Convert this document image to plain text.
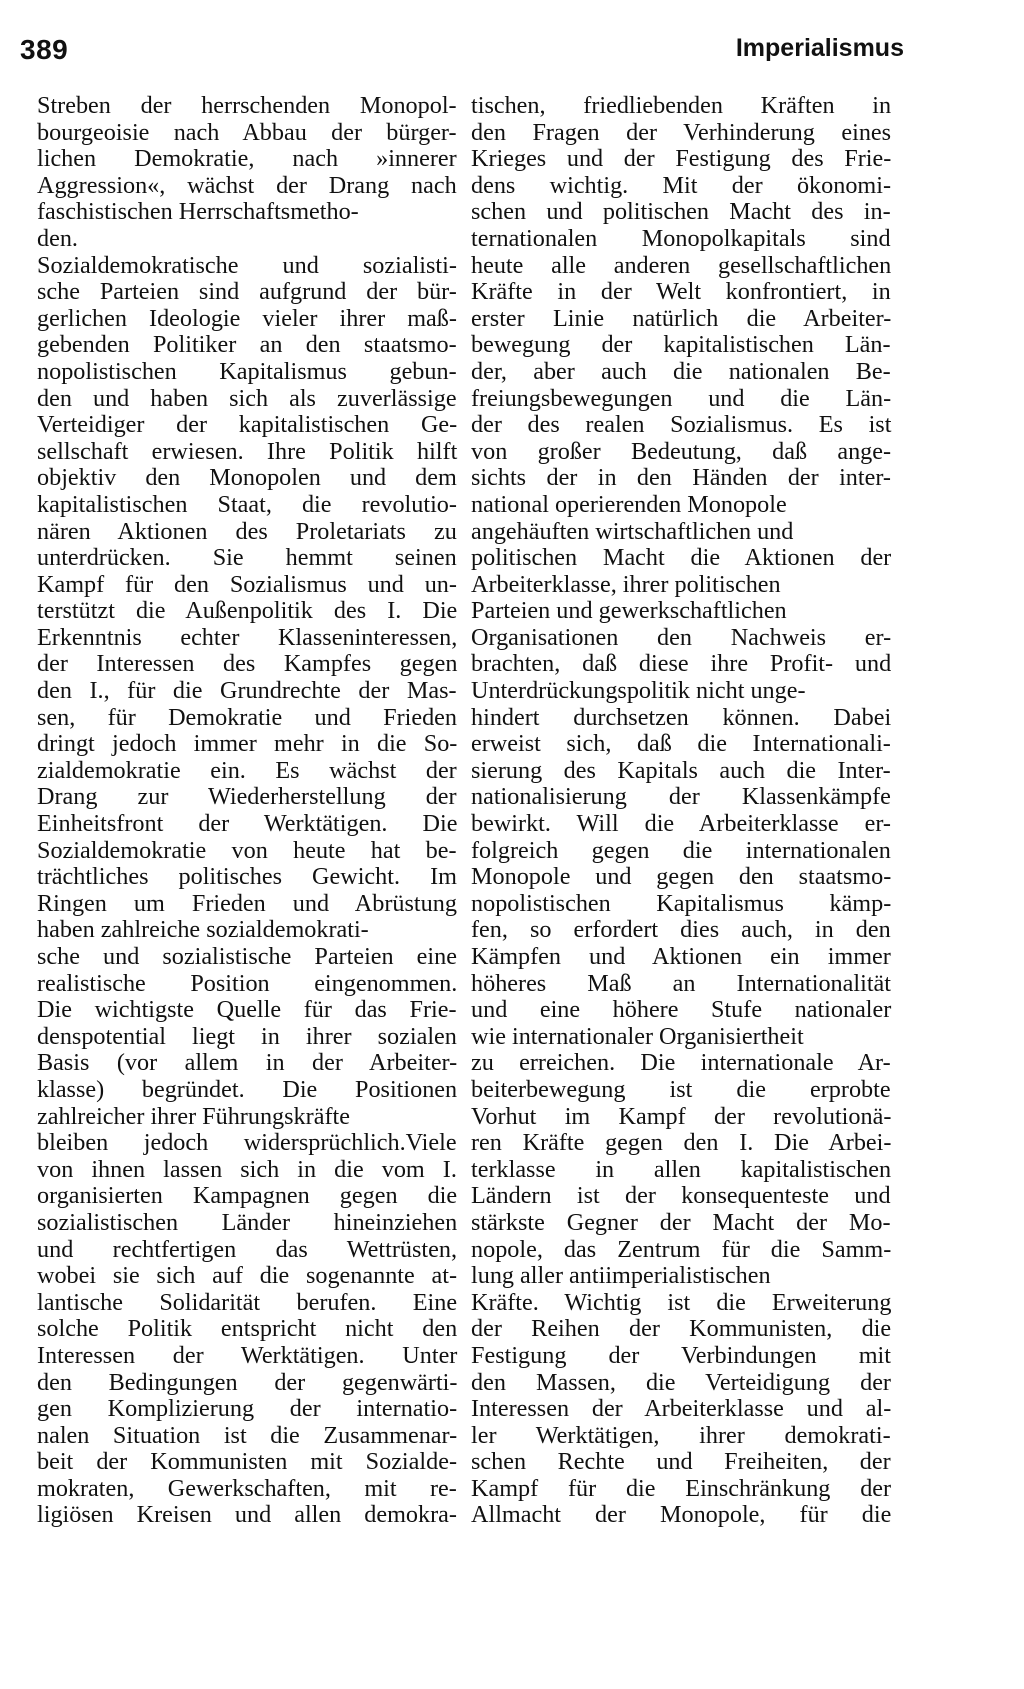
389	Imperialismus
Streben der herrschenden Monopol-
bourgeoisie nach Abbau der bürger-
lichen Demokratie, nach »innerer
Aggression«, wächst der Drang nach
faschistischen Herrschaftsmetho-
den.
Sozialdemokratische und sozialisti-
sche Parteien sind aufgrund der bür-
gerlichen Ideologie vieler ihrer maß-
gebenden Politiker an den staatsmo-
nopolistischen Kapitalismus gebun-
den und haben sich als zuverlässige
Verteidiger der kapitalistischen Ge-
sellschaft erwiesen. Ihre Politik hilft
objektiv den Monopolen und dem
kapitalistischen Staat, die revolutio-
nären Aktionen des Proletariats zu
unterdrücken. Sie hemmt seinen
Kampf für den Sozialismus und un-
terstützt die Außenpolitik des I. Die
Erkenntnis echter Klasseninteressen,
der Interessen des Kampfes gegen
den I., für die Grundrechte der Mas-
sen, für Demokratie und Frieden
dringt jedoch immer mehr in die So-
zialdemokratie ein. Es wächst der
Drang zur Wiederherstellung der
Einheitsfront der Werktätigen. Die
Sozialdemokratie von heute hat be-
trächtliches politisches Gewicht. Im
Ringen um Frieden und Abrüstung
haben zahlreiche sozialdemokrati-
sche und sozialistische Parteien eine
realistische Position eingenommen.
Die wichtigste Quelle für das Frie-
denspotential liegt in ihrer sozialen
Basis (vor allem in der Arbeiter-
klasse) begründet. Die Positionen
zahlreicher ihrer Führungskräfte
bleiben jedoch widersprüchlich.Viele
von ihnen lassen sich in die vom I.
organisierten Kampagnen gegen die
sozialistischen Länder hineinziehen
und rechtfertigen das Wettrüsten,
wobei sie sich auf die sogenannte at-
lantische Solidarität berufen. Eine
solche Politik entspricht nicht den
Interessen der Werktätigen. Unter
den Bedingungen der gegenwärti-
gen Komplizierung der internatio-
nalen Situation ist die Zusammenar-
beit der Kommunisten mit Sozialde-
mokraten, Gewerkschaften, mit re-
ligiösen Kreisen und allen demokra-
tischen, friedliebenden Kräften in
den Fragen der Verhinderung eines
Krieges und der Festigung des Frie-
dens wichtig. Mit der ökonomi-
schen und politischen Macht des in-
ternationalen Monopolkapitals sind
heute alle anderen gesellschaftlichen
Kräfte in der Welt konfrontiert, in
erster Linie natürlich die Arbeiter-
bewegung der kapitalistischen Län-
der, aber auch die nationalen Be-
freiungsbewegungen und die Län-
der des realen Sozialismus. Es ist
von großer Bedeutung, daß ange-
sichts der in den Händen der inter-
national operierenden Monopole
angehäuften wirtschaftlichen und
politischen Macht die Aktionen der
Arbeiterklasse, ihrer politischen
Parteien und gewerkschaftlichen
Organisationen den Nachweis er-
brachten, daß diese ihre Profit- und
Unterdrückungspolitik nicht unge-
hindert durchsetzen können. Dabei
erweist sich, daß die Internationali-
sierung des Kapitals auch die Inter-
nationalisierung der Klassenkämpfe
bewirkt. Will die Arbeiterklasse er-
folgreich gegen die internationalen
Monopole und gegen den staatsmo-
nopolistischen Kapitalismus kämp-
fen, so erfordert dies auch, in den
Kämpfen und Aktionen ein immer
höheres Maß an Internationalität
und eine höhere Stufe nationaler
wie internationaler Organisiertheit
zu erreichen. Die internationale Ar-
beiterbewegung ist die erprobte
Vorhut im Kampf der revolutionä-
ren Kräfte gegen den I. Die Arbei-
terklasse in allen kapitalistischen
Ländern ist der konsequenteste und
stärkste Gegner der Macht der Mo-
nopole, das Zentrum für die Samm-
lung aller antiimperialistischen
Kräfte. Wichtig ist die Erweiterung
der Reihen der Kommunisten, die
Festigung der Verbindungen mit
den Massen, die Verteidigung der
Interessen der Arbeiterklasse und al-
ler Werktätigen, ihrer demokrati-
schen Rechte und Freiheiten, der
Kampf für die Einschränkung der
Allmacht der Monopole, für die
